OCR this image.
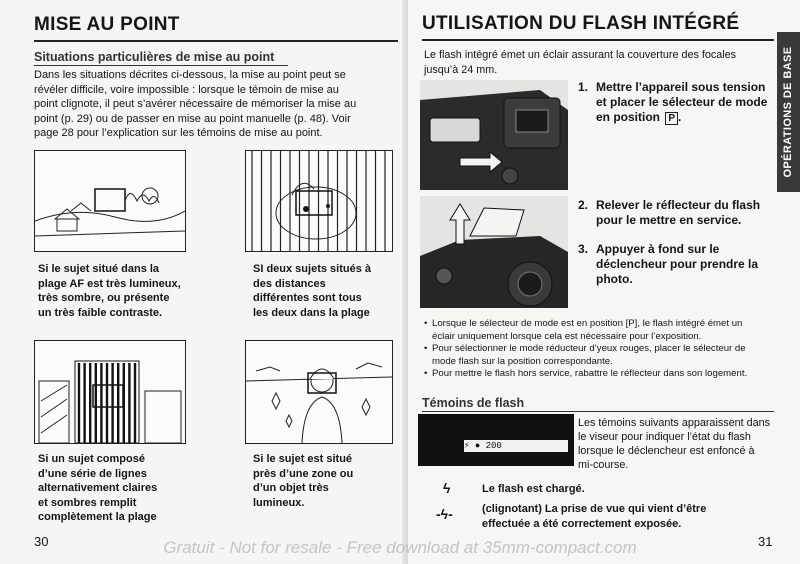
MISE AU POINT
Situations particulières de mise au point
Dans les situations décrites ci-dessous, la mise au point peut se
révéler difficile, voire impossible : lorsque le témoin de mise au
point clignote, il peut s’avérer nécessaire de mémoriser la mise au
point (p. 29) ou de passer en mise au point manuelle (p. 48). Voir
page 28 pour l’explication sur les témoins de mise au point.
Si le sujet situé dans la
plage AF est très lumineux,
très sombre, ou présente
un très faible contraste.
SI deux sujets situés à
des distances
différentes sont tous
les deux dans la plage
Si un sujet composé
d’une série de lignes
alternativement claires
et sombres remplit
complètement la plage
Si le sujet est situé
près d’une zone ou
d’un objet très
lumineux.
30
UTILISATION DU FLASH INTÉGRÉ
OPÉRATIONS DE BASE
Le flash intégré émet un éclair assurant la couverture des focales
jusqu’à 24 mm.
1. Mettre l’appareil sous tension
et placer le sélecteur de mode
en position P .
2. Relever le réflecteur du flash
pour le mettre en service.
3. Appuyer à fond sur le
déclencheur pour prendre la
photo.
• Lorsque le sélecteur de mode est en position [P], le flash intégré émet un
éclair uniquement lorsque cela est nécessaire pour l’exposition.
• Pour sélectionner le mode réducteur d’yeux rouges, placer le sélecteur de
mode flash sur la position correspondante.
• Pour mettre le flash hors service, rabattre le réflecteur dans son logement.
Témoins de flash
⚡ ● 200
Les témoins suivants apparaissent dans
le viseur pour indiquer l’état du flash
lorsque le déclencheur est enfoncé à
mi-course.
ϟ	Le flash est chargé.
-ϟ-	(clignotant) La prise de vue qui vient d’être
effectuée a été correctement exposée.
31
Gratuit - Not for resale - Free download at 35mm-compact.com
